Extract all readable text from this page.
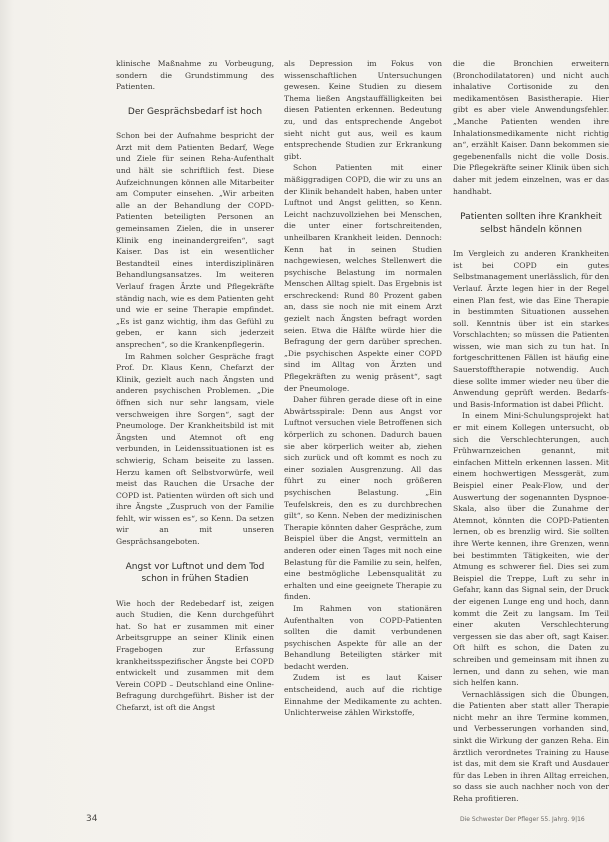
klinische Maßnahme zu Vorbeugung, sondern die Grundstimmung des Patienten.

Der Gesprächsbedarf ist hoch

Schon bei der Aufnahme bespricht der Arzt mit dem Patienten Bedarf, Wege und Ziele für seinen Reha-Aufenthalt und hält sie schriftlich fest. Diese Aufzeichnungen können alle Mitarbeiter am Computer einsehen. „Wir arbeiten alle an der Behandlung der COPD-Patienten beteiligten Personen an gemeinsamen Zielen, die in unserer Klinik eng ineinandergreifen“, sagt Kaiser. Das ist ein wesentlicher Bestandteil eines interdisziplinären Behandlungsansatzes. Im weiteren Verlauf fragen Ärzte und Pflegekräfte ständig nach, wie es dem Patienten geht und wie er seine Therapie empfindet. „Es ist ganz wichtig, ihm das Gefühl zu geben, er kann sich jederzeit ansprechen“, so die Krankenpflegerin.

Im Rahmen solcher Gespräche fragt Prof. Dr. Klaus Kenn, Chefarzt der Klinik, gezielt auch nach Ängsten und anderen psychischen Problemen. „Die öffnen sich nur sehr langsam, viele verschweigen ihre Sorgen“, sagt der Pneumologe. Der Krankheitsbild ist mit Ängsten und Atemnot oft eng verbunden, in Leidenssituationen ist es schwierig, Scham beiseite zu lassen. Herzu kamen oft Selbstvorwürfe, weil meist das Rauchen die Ursache der COPD ist. Patienten würden oft sich und ihre Ängste „Zuspruch von der Familie fehlt, wir wissen es“, so Kenn. Da setzen wir an mit unseren Gesprächsangeboten.

Angst vor Luftnot und dem Tod schon in frühen Stadien

Wie hoch der Redebedarf ist, zeigen auch Studien, die Kenn durchgeführt hat. So hat er zusammen mit einer Arbeitsgruppe an seiner Klinik einen Fragebogen zur Erfassung krankheitsspezifischer Ängste bei COPD entwickelt und zusammen mit dem Verein COPD – Deutschland eine Online-Befragung durchgeführt. Bisher ist der Chefarzt, ist oft die Angst

als Depression im Fokus von wissenschaftlichen Untersuchungen gewesen. Keine Studien zu diesem Thema ließen Angstauffälligkeiten bei diesen Patienten erkennen. Bedeutung zu, und das entsprechende Angebot sieht nicht gut aus, weil es kaum entsprechende Studien zur Erkrankung gibt.

Schon Patienten mit einer mäßiggradigen COPD, die wir zu uns an der Klinik behandelt haben, haben unter Luftnot und Angst gelitten, so Kenn. Leicht nachzuvollziehen bei Menschen, die unter einer fortschreitenden, unheilbaren Krankheit leiden. Dennoch: Kenn hat in seinen Studien nachgewiesen, welches Stellenwert die psychische Belastung im normalen Menschen Alltag spielt. Das Ergebnis ist erschreckend: Rund 80 Prozent gaben an, dass sie noch nie mit einem Arzt gezielt nach Ängsten befragt worden seien. Etwa die Hälfte würde hier die Befragung der gern darüber sprechen. „Die psychischen Aspekte einer COPD sind im Alltag von Ärzten und Pflegekräften zu wenig präsent“, sagt der Pneumologe.

Daher führen gerade diese oft in eine Abwärtsspirale: Denn aus Angst vor Luftnot versuchen viele Betroffenen sich körperlich zu schonen. Dadurch bauen sie aber körperlich weiter ab, ziehen sich zurück und oft kommt es noch zu einer sozialen Ausgrenzung. All das führt zu einer noch größeren psychischen Belastung. „Ein Teufelskreis, den es zu durchbrechen gilt“, so Kenn. Neben der medizinischen Therapie könnten daher Gespräche, zum Beispiel über die Angst, vermitteln an anderen oder einen Tages mit noch eine Belastung für die Familie zu sein, helfen, eine bestmögliche Lebensqualität zu erhalten und eine geeignete Therapie zu finden.

Im Rahmen von stationären Aufenthalten von COPD-Patienten sollten die damit verbundenen psychischen Aspekte für alle an der Behandlung Beteiligten stärker mit bedacht werden.

Zudem ist es laut Kaiser entscheidend, auch auf die richtige Einnahme der Medikamente zu achten. Unlichterweise zählen Wirkstoffe,

die die Bronchien erweitern (Bronchodilatatoren) und nicht auch inhalative Cortisonide zu den medikamentösen Basistherapie. Hier gibt es aber viele Anwendungsfehler. „Manche Patienten wenden ihre Inhalationsmedikamente nicht richtig an“, erzählt Kaiser. Dann bekommen sie gegebenenfalls nicht die volle Dosis. Die Pflegekräfte seiner Klinik üben sich daher mit jedem einzelnen, was er das handhabt.

Patienten sollten ihre Krankheit selbst händeln können

Im Vergleich zu anderen Krankheiten ist bei COPD ein gutes Selbstmanagement unerlässlich, für den Verlauf. Ärzte legen hier in der Regel einen Plan fest, wie das Eine Therapie in bestimmten Situationen aussehen soll. Kenntnis über ist ein starkes Vorschlachten; so müssen die Patienten wissen, wie man sich zu tun hat. In fortgeschrittenen Fällen ist häufig eine Sauerstofftherapie notwendig. Auch diese sollte immer wieder neu über die Anwendung geprüft werden. Bedarfs- und Basis-Information ist dabei Pflicht.

In einem Mini-Schulungsprojekt hat er mit einem Kollegen untersucht, ob sich die Verschlechterungen, auch Frühwarnzeichen genannt, mit einfachen Mitteln erkennen lassen. Mit einem hochwertigen Messgerät, zum Beispiel einer Peak-Flow, und der Auswertung der sogenannten Dyspnoe-Skala, also über die Zunahme der Atemnot, könnten die COPD-Patienten lernen, ob es brenzlig wird. Sie sollten ihre Werte kennen, ihre Grenzen, wenn bei bestimmten Tätigkeiten, wie der Atmung es schwerer fiel. Dies sei zum Beispiel die Treppe, Luft zu sehr in Gefahr, kann das Signal sein, der Druck der eigenen Lunge eng und hoch, dann kommt die Zeit zu langsam. Im Teil einer akuten Verschlechterung vergessen sie das aber oft, sagt Kaiser. Oft hilft es schon, die Daten zu schreiben und gemeinsam mit ihnen zu lernen, und dann zu sehen, wie man sich helfen kann.

Vernachlässigen sich die Übungen, die Patienten aber statt aller Therapie nicht mehr an ihre Termine kommen, und Verbesserungen vorhanden sind, sinkt die Wirkung der ganzen Reha. Ein ärztlich verordnetes Training zu Hause ist das, mit dem sie Kraft und Ausdauer für das Leben in ihren Alltag erreichen, so dass sie auch nachher noch von der Reha profitieren.

34	Die Schwester Der Pfleger 55. Jahrg. 9|16
